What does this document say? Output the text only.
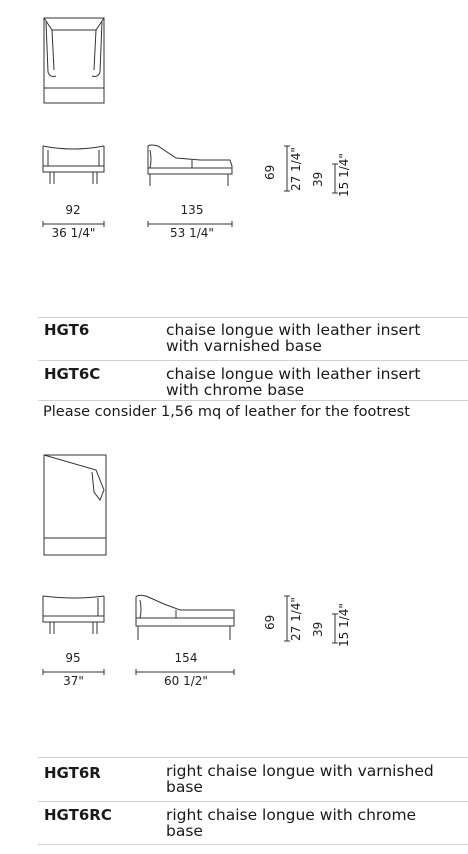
92
36 1/4"
135
53 1/4"
69 27 1/4" 39 15 1/4"
HGT6	chaise longue with leather insert
with varnished base
HGT6C	chaise longue with leather insert
with chrome base
Please consider 1,56 mq of leather for the footrest
95
37"
154
60 1/2"
69 27 1/4" 39 15 1/4"
HGT6R	right chaise longue with varnished
base
HGT6RC	right chaise longue with chrome
base
